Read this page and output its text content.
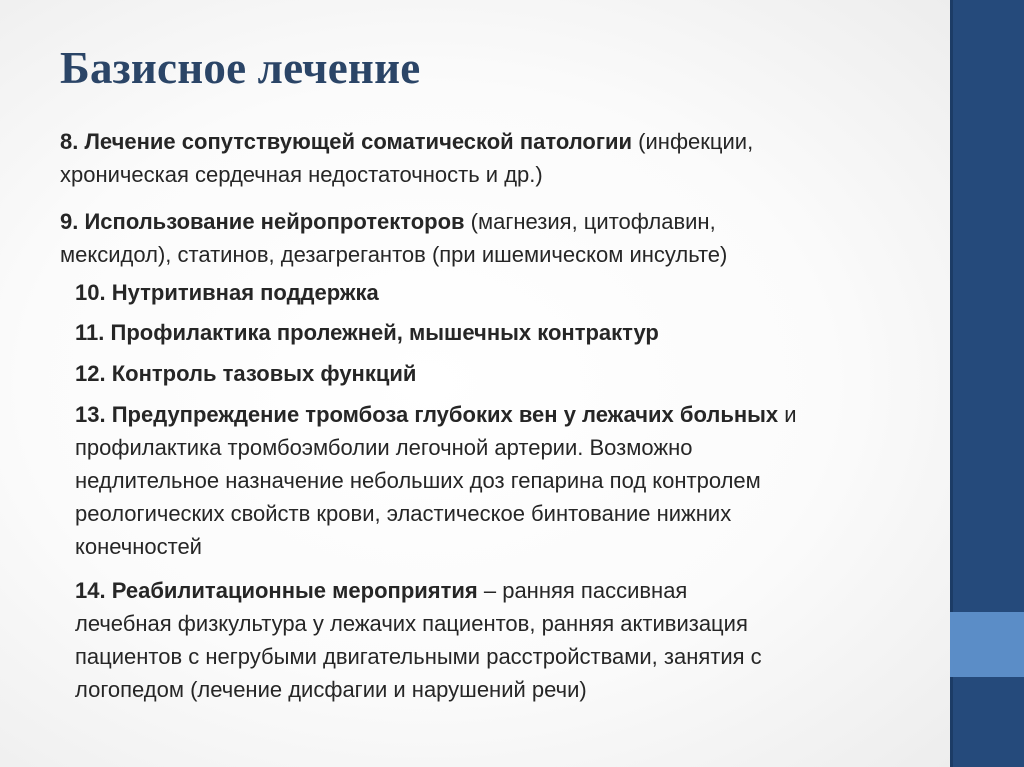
Базисное лечение
8. Лечение сопутствующей соматической патологии (инфекции,
хроническая сердечная недостаточность и др.)
9. Использование нейропротекторов (магнезия, цитофлавин,
мексидол), статинов, дезагрегантов (при ишемическом инсульте)
10. Нутритивная поддержка
11. Профилактика пролежней, мышечных контрактур
12. Контроль тазовых функций
13. Предупреждение тромбоза глубоких вен у лежачих больных и
профилактика тромбоэмболии легочной артерии. Возможно
недлительное назначение небольших доз гепарина под контролем
реологических свойств крови, эластическое бинтование нижних
конечностей
14. Реабилитационные мероприятия – ранняя пассивная
лечебная физкультура у лежачих пациентов, ранняя активизация
пациентов с негрубыми двигательными расстройствами, занятия с
логопедом (лечение дисфагии и нарушений речи)
